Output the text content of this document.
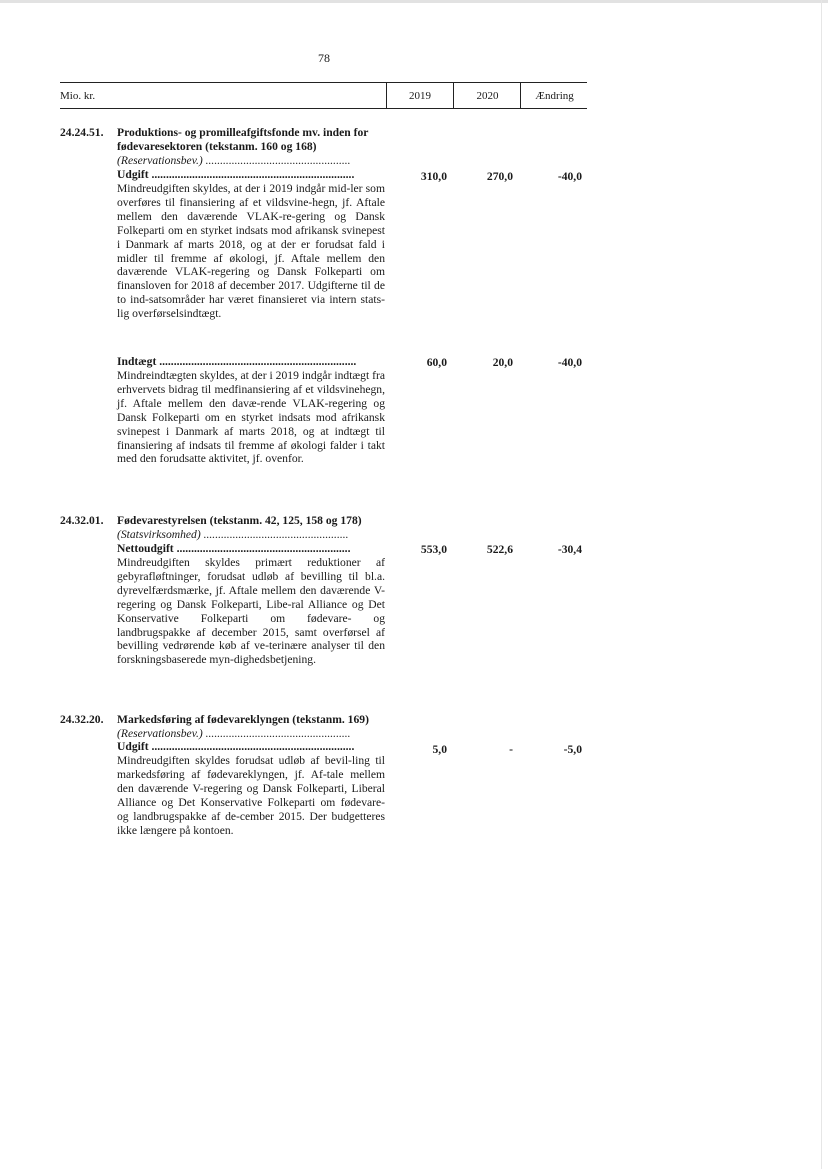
78
Mio. kr.	2019	2020	Ændring
24.24.51. Produktions- og promilleafgiftsfonde mv. inden for fødevaresektoren (tekstanm. 160 og 168)
(Reservationsbev.) ..................................................
Udgift ......................................................................	310,0	270,0	-40,0
Mindreudgiften skyldes, at der i 2019 indgår mid-ler som overføres til finansiering af et vildsvine-hegn, jf. Aftale mellem den daværende VLAK-re-gering og Dansk Folkeparti om en styrket indsats mod afrikansk svinepest i Danmark af marts 2018, og at der er forudsat fald i midler til fremme af økologi, jf. Aftale mellem den daværende VLAK-regering og Dansk Folkeparti om finansloven for 2018 af december 2017. Udgifterne til de to ind-satsområder har været finansieret via intern stats-lig overførselsindtægt.
Indtægt ....................................................................	60,0	20,0	-40,0
Mindreindtægten skyldes, at der i 2019 indgår indtægt fra erhvervets bidrag til medfinansiering af et vildsvinehegn, jf. Aftale mellem den davæ-rende VLAK-regering og Dansk Folkeparti om en styrket indsats mod afrikansk svinepest i Danmark af marts 2018, og at indtægt til finansiering af indsats til fremme af økologi falder i takt med den forudsatte aktivitet, jf. ovenfor.
24.32.01. Fødevarestyrelsen (tekstanm. 42, 125, 158 og 178)
(Statsvirksomhed) ..................................................
Nettoudgift ............................................................	553,0	522,6	-30,4
Mindreudgiften skyldes primært reduktioner af gebyrafløftninger, forudsat udløb af bevilling til bl.a. dyrevelfærdsmærke, jf. Aftale mellem den daværende V-regering og Dansk Folkeparti, Libe-ral Alliance og Det Konservative Folkeparti om fødevare- og landbrugspakke af december 2015, samt overførsel af bevilling vedrørende køb af ve-terinære analyser til den forskningsbaserede myn-dighedsbetjening.
24.32.20. Markedsføring af fødevareklyngen (tekstanm. 169)
(Reservationsbev.) ..................................................
Udgift ......................................................................	5,0	-	-5,0
Mindreudgiften skyldes forudsat udløb af bevil-ling til markedsføring af fødevareklyngen, jf. Af-tale mellem den daværende V-regering og Dansk Folkeparti, Liberal Alliance og Det Konservative Folkeparti om fødevare- og landbrugspakke af de-cember 2015. Der budgetteres ikke længere på kontoen.
